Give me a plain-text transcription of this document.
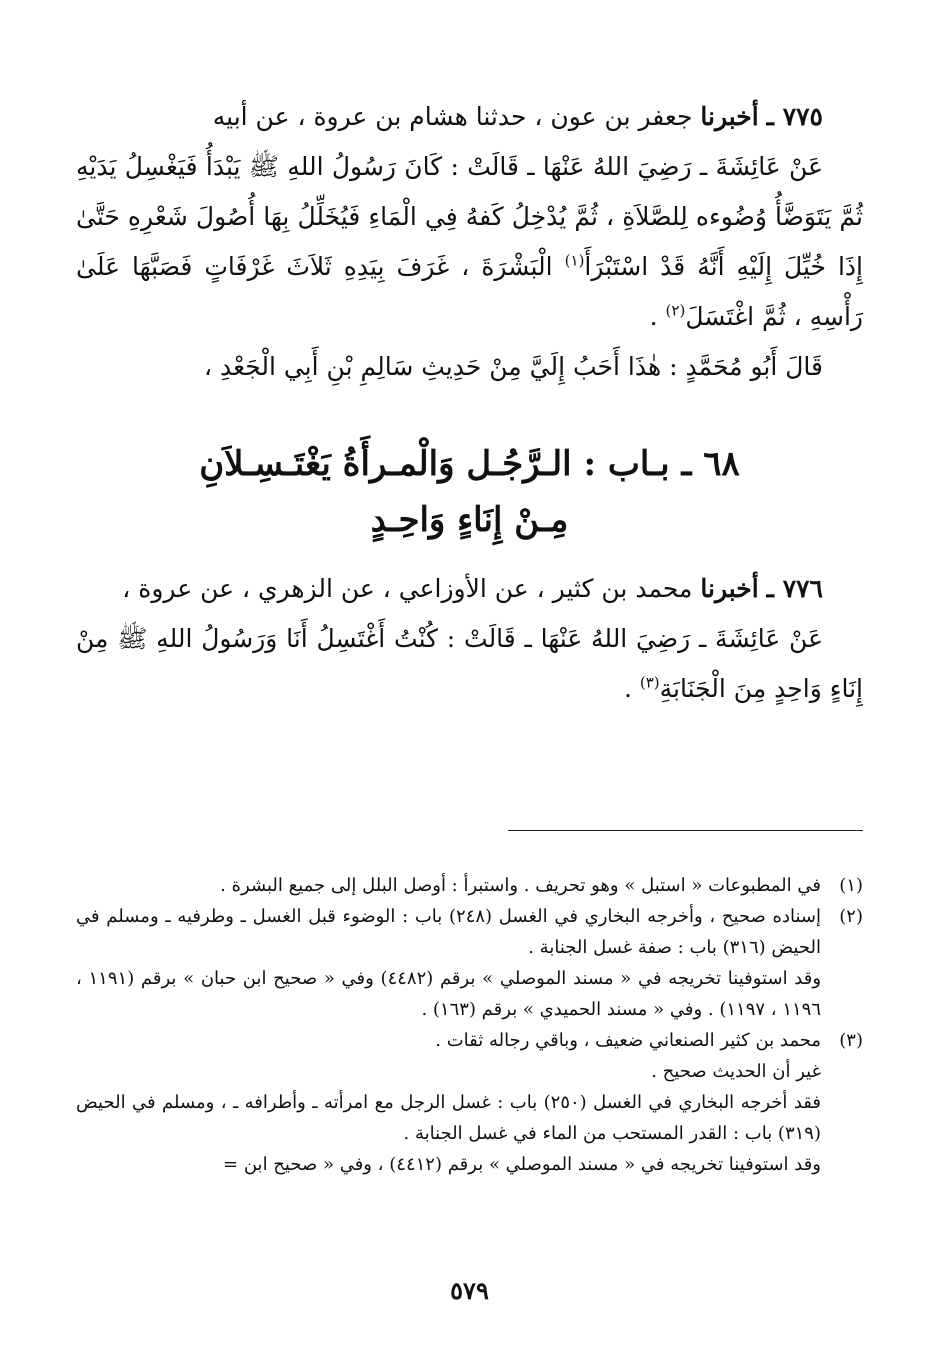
٧٧٥ ـ أخبرنا جعفر بن عون ، حدثنا هشام بن عروة ، عن أبيه

عَنْ عَائِشَةَ ـ رَضِيَ اللهُ عَنْهَا ـ قَالَتْ : كَانَ رَسُولُ اللهِ ﷺ يَبْدَأُ فَيَغْسِلُ يَدَيْهِ ثُمَّ يَتَوَضَّأُ وُضُوءه لِلصَّلاَةِ ، ثُمَّ يُدْخِلُ كَفهُ فِي الْمَاءِ فَيُخَلِّلُ بِهَا أُصُولَ شَعْرِهِ حَتَّىٰ إِذَا خُيِّلَ إِلَيْهِ أَنَّهُ قَدْ اسْتَبْرَأَ$^{(١)}$ الْبَشْرَةَ ، غَرَفَ بِيَدِهِ ثَلاَثَ غَرْفَاتٍ فَصَبَّهَا عَلَىٰ رَأْسِهِ ، ثُمَّ اغْتَسَلَ$^{(٢)}$ .

قَالَ أَبُو مُحَمَّدٍ : هٰذَا أَحَبُ إِلَيَّ مِنْ حَدِيثِ سَالِمِ بْنِ أَبِي الْجَعْدِ ،

٦٨ ـ بـاب : الـرَّجُـل وَالْمـرأَةُ يَغْتَـسِـلاَنِ
مِـنْ إِنَاءٍ وَاحِـدٍ

٧٧٦ ـ أخبرنا محمد بن كثير ، عن الأوزاعي ، عن الزهري ، عن عروة ،

عَنْ عَائِشَةَ ـ رَضِيَ اللهُ عَنْهَا ـ قَالَتْ : كُنْتُ أَغْتَسِلُ أَنَا وَرَسُولُ اللهِ ﷺ مِنْ إِنَاءٍ وَاحِدٍ مِنَ الْجَنَابَةِ$^{(٣)}$ .

(١)

في المطبوعات « استبل » وهو تحريف . واستبرأ : أوصل البلل إلى جميع البشرة .

(٢)

إسناده صحيح ، وأخرجه البخاري في الغسل (٢٤٨) باب : الوضوء قبل الغسل ـ وطرفيه ـ ومسلم في الحيض (٣١٦) باب : صفة غسل الجنابة .

وقد استوفينا تخريجه في « مسند الموصلي » برقم (٤٤٨٢) وفي « صحيح ابن حبان » برقم (١١٩١ ، ١١٩٦ ، ١١٩٧) . وفي « مسند الحميدي » برقم (١٦٣) .

(٣)

محمد بن كثير الصنعاني ضعيف ، وباقي رجاله ثقات .

غير أن الحديث صحيح .

فقد أخرجه البخاري في الغسل (٢٥٠) باب : غسل الرجل مع امرأته ـ وأطرافه ـ ، ومسلم في الحيض (٣١٩) باب : القدر المستحب من الماء في غسل الجنابة .

وقد استوفينا تخريجه في « مسند الموصلي » برقم (٤٤١٢) ، وفي « صحيح ابن =

٥٧٩
